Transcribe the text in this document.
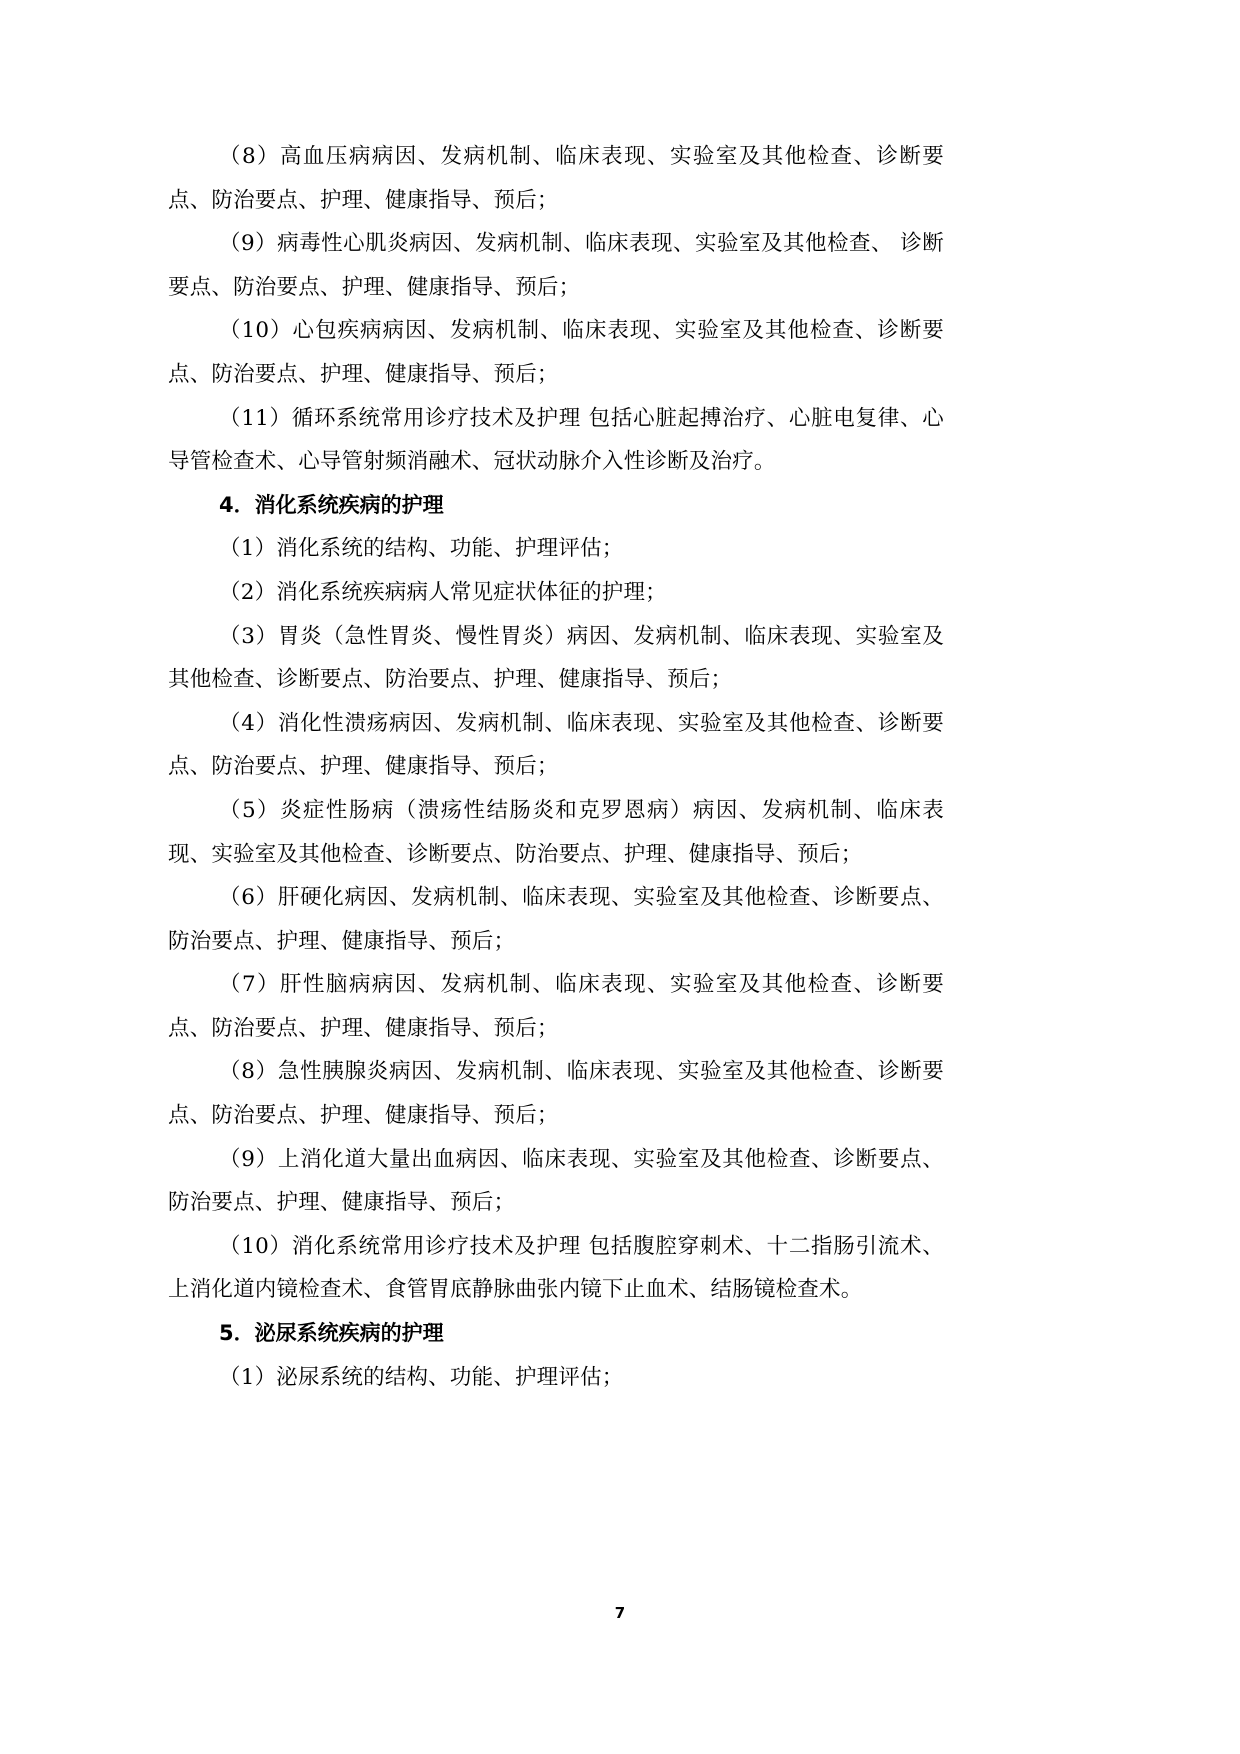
（8）高血压病病因、发病机制、临床表现、实验室及其他检查、诊断要点、防治要点、护理、健康指导、预后；

（9）病毒性心肌炎病因、发病机制、临床表现、实验室及其他检查、 诊断要点、防治要点、护理、健康指导、预后；

（10）心包疾病病因、发病机制、临床表现、实验室及其他检查、诊断要点、防治要点、护理、健康指导、预后；

（11）循环系统常用诊疗技术及护理 包括心脏起搏治疗、心脏电复律、心导管检查术、心导管射频消融术、冠状动脉介入性诊断及治疗。

4．消化系统疾病的护理

（1）消化系统的结构、功能、护理评估；

（2）消化系统疾病病人常见症状体征的护理；

（3）胃炎（急性胃炎、慢性胃炎）病因、发病机制、临床表现、实验室及其他检查、诊断要点、防治要点、护理、健康指导、预后；

（4）消化性溃疡病因、发病机制、临床表现、实验室及其他检查、诊断要点、防治要点、护理、健康指导、预后；

（5）炎症性肠病（溃疡性结肠炎和克罗恩病）病因、发病机制、临床表现、实验室及其他检查、诊断要点、防治要点、护理、健康指导、预后；

（6）肝硬化病因、发病机制、临床表现、实验室及其他检查、诊断要点、防治要点、护理、健康指导、预后；

（7）肝性脑病病因、发病机制、临床表现、实验室及其他检查、诊断要点、防治要点、护理、健康指导、预后；

（8）急性胰腺炎病因、发病机制、临床表现、实验室及其他检查、诊断要点、防治要点、护理、健康指导、预后；

（9）上消化道大量出血病因、临床表现、实验室及其他检查、诊断要点、防治要点、护理、健康指导、预后；

（10）消化系统常用诊疗技术及护理 包括腹腔穿刺术、十二指肠引流术、上消化道内镜检查术、食管胃底静脉曲张内镜下止血术、结肠镜检查术。

5．泌尿系统疾病的护理

（1）泌尿系统的结构、功能、护理评估；

7
